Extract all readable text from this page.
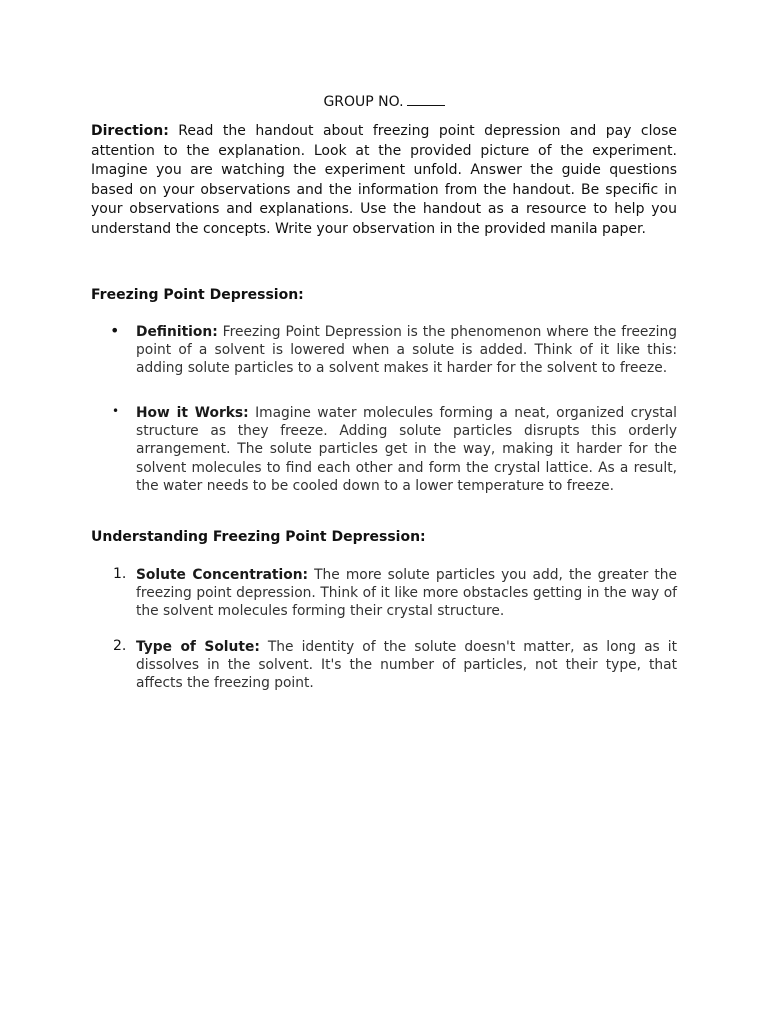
GROUP NO.

Direction: Read the handout about freezing point depression and pay close attention to the explanation. Look at the provided picture of the experiment. Imagine you are watching the experiment unfold. Answer the guide questions based on your observations and the information from the handout. Be specific in your observations and explanations. Use the handout as a resource to help you understand the concepts. Write your observation in the provided manila paper.

Freezing Point Depression:

• Definition: Freezing Point Depression is the phenomenon where the freezing point of a solvent is lowered when a solute is added. Think of it like this: adding solute particles to a solvent makes it harder for the solvent to freeze.

• How it Works: Imagine water molecules forming a neat, organized crystal structure as they freeze. Adding solute particles disrupts this orderly arrangement. The solute particles get in the way, making it harder for the solvent molecules to find each other and form the crystal lattice. As a result, the water needs to be cooled down to a lower temperature to freeze.

Understanding Freezing Point Depression:

1. Solute Concentration: The more solute particles you add, the greater the freezing point depression. Think of it like more obstacles getting in the way of the solvent molecules forming their crystal structure.

2. Type of Solute: The identity of the solute doesn't matter, as long as it dissolves in the solvent. It's the number of particles, not their type, that affects the freezing point.
